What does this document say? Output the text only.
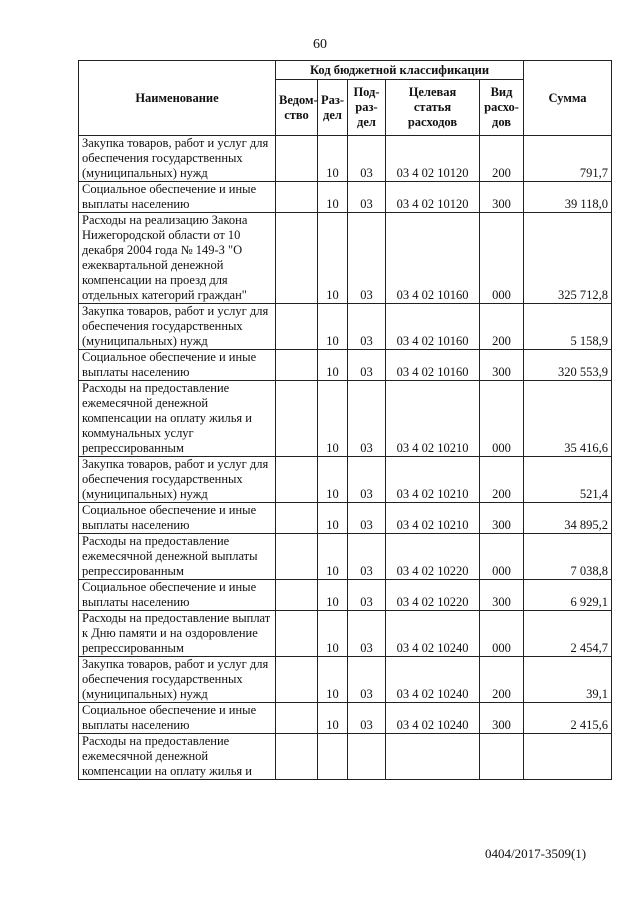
60
Наименование	Код бюджетной классификации					Сумма
	Ведом-ство	Раз-дел	Под-раз-дел	Целевая статья расходов	Вид расхо-дов	
Закупка товаров, работ и услуг для обеспечения государственных (муниципальных) нужд		10	03	03 4 02 10120	200	791,7
Социальное обеспечение и иные выплаты населению		10	03	03 4 02 10120	300	39 118,0
Расходы на реализацию Закона Нижегородской области от 10 декабря 2004 года № 149-З "О ежеквартальной денежной компенсации на проезд для отдельных категорий граждан"		10	03	03 4 02 10160	000	325 712,8
Закупка товаров, работ и услуг для обеспечения государственных (муниципальных) нужд		10	03	03 4 02 10160	200	5 158,9
Социальное обеспечение и иные выплаты населению		10	03	03 4 02 10160	300	320 553,9
Расходы на предоставление ежемесячной денежной компенсации на оплату жилья и коммунальных услуг репрессированным		10	03	03 4 02 10210	000	35 416,6
Закупка товаров, работ и услуг для обеспечения государственных (муниципальных) нужд		10	03	03 4 02 10210	200	521,4
Социальное обеспечение и иные выплаты населению		10	03	03 4 02 10210	300	34 895,2
Расходы на предоставление ежемесячной денежной выплаты репрессированным		10	03	03 4 02 10220	000	7 038,8
Социальное обеспечение и иные выплаты населению		10	03	03 4 02 10220	300	6 929,1
Расходы на предоставление выплат к Дню памяти и на оздоровление репрессированным		10	03	03 4 02 10240	000	2 454,7
Закупка товаров, работ и услуг для обеспечения государственных (муниципальных) нужд		10	03	03 4 02 10240	200	39,1
Социальное обеспечение и иные выплаты населению		10	03	03 4 02 10240	300	2 415,6
Расходы на предоставление ежемесячной денежной компенсации на оплату жилья и						
0404/2017-3509(1)
